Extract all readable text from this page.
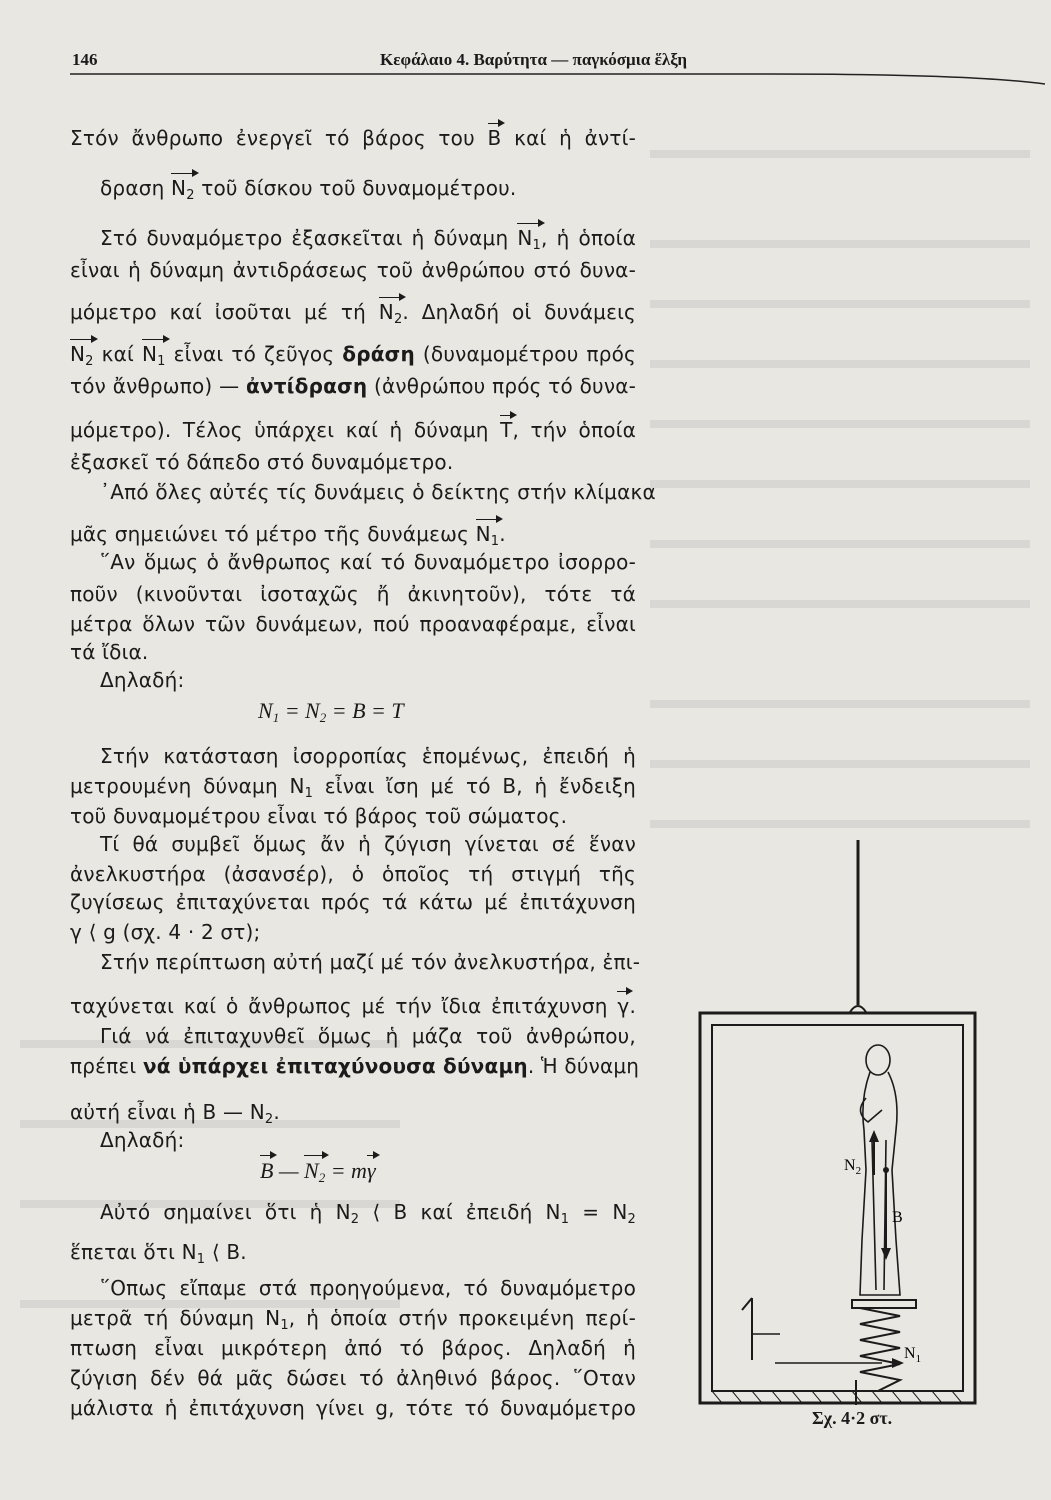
146	Κεφάλαιο 4. Βαρύτητα — παγκόσμια ἕλξη
Στόν ἄνθρωπο ἐνεργεῖ τό βάρος του B καί ἡ ἀντί-
δραση $N_2$ τοῦ δίσκου τοῦ δυναμομέτρου.
Στό δυναμόμετρο ἐξασκεῖται ἡ δύναμη $N_1$, ἡ ὁποία
εἶναι ἡ δύναμη ἀντιδράσεως τοῦ ἀνθρώπου στό δυνα-
μόμετρο καί ἰσοῦται μέ τή $N_2$. Δηλαδή οἱ δυνάμεις
$N_2$ καί $N_1$ εἶναι τό ζεῦγος δράση (δυναμομέτρου πρός
τόν ἄνθρωπο) — ἀντίδραση (ἀνθρώπου πρός τό δυνα-
μόμετρο). Τέλος ὑπάρχει καί ἡ δύναμη T, τήν ὁποία
ἐξασκεῖ τό δάπεδο στό δυναμόμετρο.
᾿Από ὅλες αὐτές τίς δυνάμεις ὁ δείκτης στήν κλίμακα
μᾶς σημειώνει τό μέτρο τῆς δυνάμεως $N_1$.
῞Αν ὅμως ὁ ἄνθρωπος καί τό δυναμόμετρο ἰσορρο-
ποῦν (κινοῦνται ἰσοταχῶς ἤ ἀκινητοῦν), τότε τά
μέτρα ὅλων τῶν δυνάμεων, πού προαναφέραμε, εἶναι
τά ἴδια.
Δηλαδή:
$N_1 = N_2 = B = T$
Στήν κατάσταση ἰσορροπίας ἑπομένως, ἐπειδή ἡ
μετρουμένη δύναμη $N_1$ εἶναι ἴση μέ τό B, ἡ ἔνδειξη
τοῦ δυναμομέτρου εἶναι τό βάρος τοῦ σώματος.
Τί θά συμβεῖ ὅμως ἄν ἡ ζύγιση γίνεται σέ ἕναν
ἀνελκυστήρα (ἀσανσέρ), ὁ ὁποῖος τή στιγμή τῆς
ζυγίσεως ἐπιταχύνεται πρός τά κάτω μέ ἐπιτάχυνση
γ ⟨ g (σχ. 4 · 2 στ);
Στήν περίπτωση αὐτή μαζί μέ τόν ἀνελκυστήρα, ἐπι-
ταχύνεται καί ὁ ἄνθρωπος μέ τήν ἴδια ἐπιτάχυνση γ.
Γιά νά ἐπιταχυνθεῖ ὅμως ἡ μάζα τοῦ ἀνθρώπου,
πρέπει νά ὑπάρχει ἐπιταχύνουσα δύναμη. Ἡ δύναμη
αὐτή εἶναι ἡ B — $N_2$.
Δηλαδή:
B — $N_2 = m\gamma$
Αὐτό σημαίνει ὅτι ἡ $N_2$ ⟨ B καί ἐπειδή $N_1 = N_2$
ἕπεται ὅτι $N_1$ ⟨ B.
῞Οπως εἴπαμε στά προηγούμενα, τό δυναμόμετρο
μετρᾶ τή δύναμη $N_1$, ἡ ὁποία στήν προκειμένη περί-
πτωση εἶναι μικρότερη ἀπό τό βάρος. Δηλαδή ἡ
ζύγιση δέν θά μᾶς δώσει τό ἀληθινό βάρος. ῞Οταν
μάλιστα ἡ ἐπιτάχυνση γίνει g, τότε τό δυναμόμετρο
$N_2$
B
$N_1$
Σχ. 4·2 στ.
